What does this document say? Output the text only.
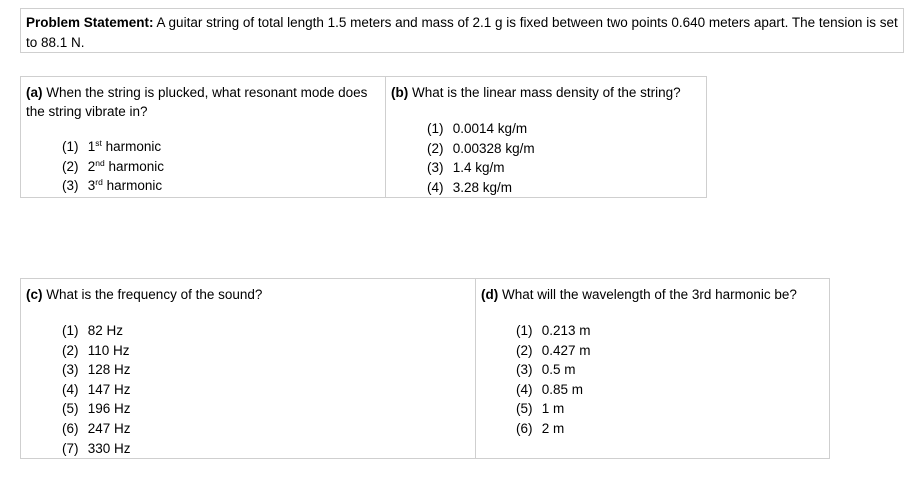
Problem Statement: A guitar string of total length 1.5 meters and mass of 2.1 g is fixed between two points 0.640 meters apart. The tension is set to 88.1 N.

(a) When the string is plucked, what resonant mode does the string vibrate in?

(1) 1st harmonic
(2) 2nd harmonic
(3) 3rd harmonic

(b) What is the linear mass density of the string?

(1) 0.0014 kg/m
(2) 0.00328 kg/m
(3) 1.4 kg/m
(4) 3.28 kg/m

(c) What is the frequency of the sound?

(1) 82 Hz
(2) 110 Hz
(3) 128 Hz
(4) 147 Hz
(5) 196 Hz
(6) 247 Hz
(7) 330 Hz

(d) What will the wavelength of the 3rd harmonic be?

(1) 0.213 m
(2) 0.427 m
(3) 0.5 m
(4) 0.85 m
(5) 1 m
(6) 2 m
